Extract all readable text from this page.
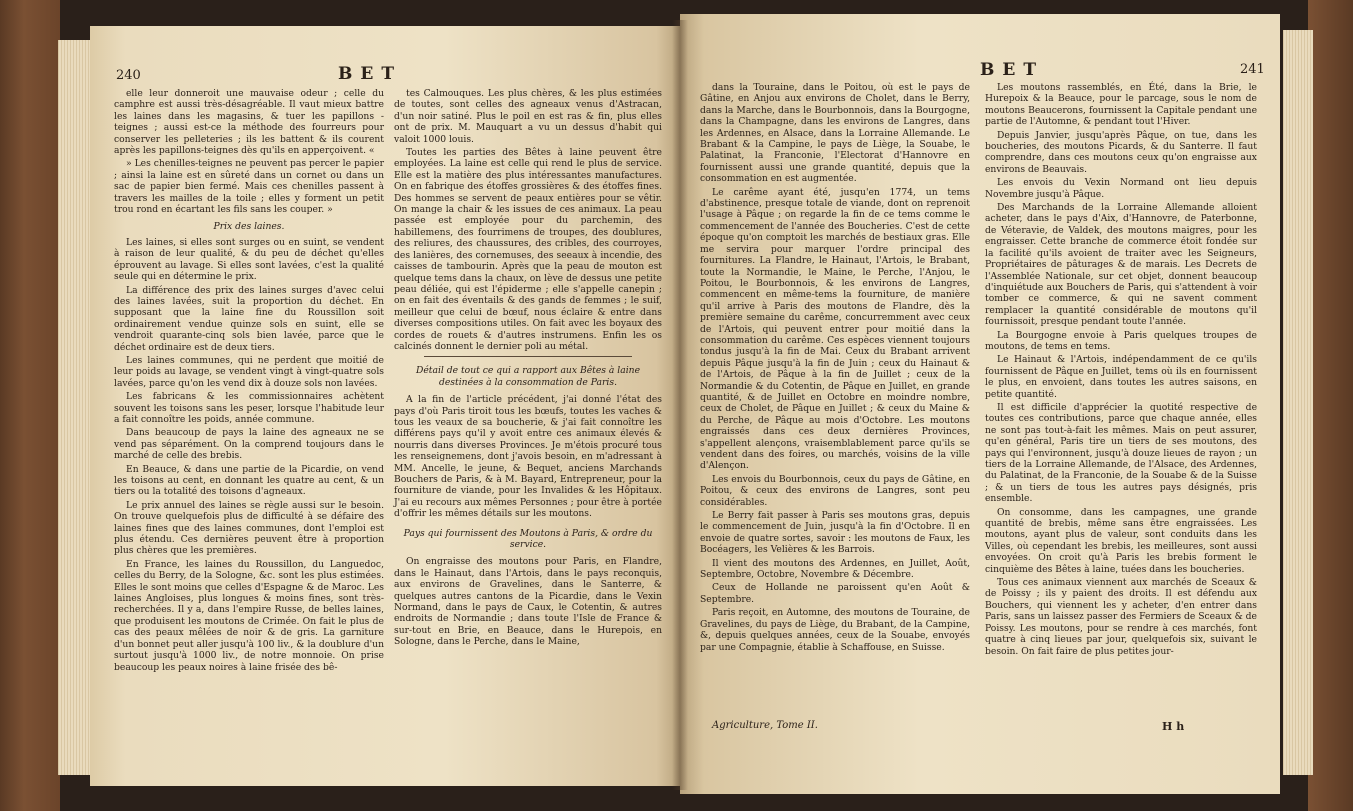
240	BET

elle leur donneroit une mauvaise odeur ; celle du camphre est aussi très-désagréable. Il vaut mieux battre les laines dans les magasins, & tuer les papillons - teignes ; aussi est-ce la méthode des fourreurs pour conserver les pelleteries ; ils les battent & ils courent après les papillons-teignes dès qu'ils en apperçoivent. «

» Les chenilles-teignes ne peuvent pas percer le papier ; ainsi la laine est en sûreté dans un cornet ou dans un sac de papier bien fermé. Mais ces chenilles passent à travers les mailles de la toile ; elles y forment un petit trou rond en écartant les fils sans les couper. »

Prix des laines.

Les laines, si elles sont surges ou en suint, se vendent à raison de leur qualité, & du peu de déchet qu'elles éprouvent au lavage. Si elles sont lavées, c'est la qualité seule qui en détermine le prix.

La différence des prix des laines surges d'avec celui des laines lavées, suit la proportion du déchet. En supposant que la laine fine du Roussillon soit ordinairement vendue quinze sols en suint, elle se vendroit quarante-cinq sols bien lavée, parce que le déchet ordinaire est de deux tiers.

Les laines communes, qui ne perdent que moitié de leur poids au lavage, se vendent vingt à vingt-quatre sols lavées, parce qu'on les vend dix à douze sols non lavées.

Les fabricans & les commissionnaires achètent souvent les toisons sans les peser, lorsque l'habitude leur a fait connoître les poids, année commune.

Dans beaucoup de pays la laine des agneaux ne se vend pas séparément. On la comprend toujours dans le marché de celle des brebis.

En Beauce, & dans une partie de la Picardie, on vend les toisons au cent, en donnant les quatre au cent, & un tiers ou la totalité des toisons d'agneaux.

Le prix annuel des laines se règle aussi sur le besoin. On trouve quelquefois plus de difficulté à se défaire des laines fines que des laines communes, dont l'emploi est plus étendu. Ces dernières peuvent être à proportion plus chères que les premières.

En France, les laines du Roussillon, du Languedoc, celles du Berry, de la Sologne, &c. sont les plus estimées. Elles le sont moins que celles d'Espagne & de Maroc. Les laines Angloises, plus longues & moins fines, sont très-recherchées. Il y a, dans l'empire Russe, de belles laines, que produisent les moutons de Crimée. On fait le plus de cas des peaux mêlées de noir & de gris. La garniture d'un bonnet peut aller jusqu'à 100 liv., & la doublure d'un surtout jusqu'à 1000 liv., de notre monnoie. On prise beaucoup les peaux noires à laine frisée des bê-

tes Calmouques. Les plus chères, & les plus estimées de toutes, sont celles des agneaux venus d'Astracan, d'un noir satiné. Plus le poil en est ras & fin, plus elles ont de prix. M. Mauquart a vu un dessus d'habit qui valoit 1000 louis.

Toutes les parties des Bêtes à laine peuvent être employées. La laine est celle qui rend le plus de service. Elle est la matière des plus intéressantes manufactures. On en fabrique des étoffes grossières & des étoffes fines. Des hommes se servent de peaux entières pour se vêtir. On mange la chair & les issues de ces animaux. La peau passée est employée pour du parchemin, des habillemens, des fourrimens de troupes, des doublures, des reliures, des chaussures, des cribles, des courroyes, des lanières, des cornemuses, des seeaux à incendie, des caisses de tambourin. Après que la peau de mouton est quelque tems dans la chaux, on lève de dessus une petite peau déliée, qui est l'épiderme ; elle s'appelle canepin ; on en fait des éventails & des gands de femmes ; le suif, meilleur que celui de bœuf, nous éclaire & entre dans diverses compositions utiles. On fait avec les boyaux des cordes de rouets & d'autres instrumens. Enfin les os calcinés donnent le dernier poli au métal.

Détail de tout ce qui a rapport aux Bêtes à laine destinées à la consommation de Paris.

A la fin de l'article précédent, j'ai donné l'état des pays d'où Paris tiroit tous les bœufs, toutes les vaches & tous les veaux de sa boucherie, & j'ai fait connoître les différens pays qu'il y avoit entre ces animaux élevés & nourris dans diverses Provinces. Je m'étois procuré tous les renseignemens, dont j'avois besoin, en m'adressant à MM. Ancelle, le jeune, & Bequet, anciens Marchands Bouchers de Paris, & à M. Bayard, Entrepreneur, pour la fourniture de viande, pour les Invalides & les Hôpitaux. J'ai eu recours aux mêmes Personnes ; pour être à portée d'offrir les mêmes détails sur les moutons.

Pays qui fournissent des Moutons à Paris, & ordre du service.

On engraisse des moutons pour Paris, en Flandre, dans le Hainaut, dans l'Artois, dans le pays reconquis, aux environs de Gravelines, dans le Santerre, & quelques autres cantons de la Picardie, dans le Vexin Normand, dans le pays de Caux, le Cotentin, & autres endroits de Normandie ; dans toute l'Isle de France & sur-tout en Brie, en Beauce, dans le Hurepois, en Sologne, dans le Perche, dans le Maine,

BET	241

dans la Touraine, dans le Poitou, où est le pays de Gâtine, en Anjou aux environs de Cholet, dans le Berry, dans la Marche, dans le Bourbonnois, dans la Bourgogne, dans la Champagne, dans les environs de Langres, dans les Ardennes, en Alsace, dans la Lorraine Allemande. Le Brabant & la Campine, le pays de Liège, la Souabe, le Palatinat, la Franconie, l'Electorat d'Hannovre en fournissent aussi une grande quantité, depuis que la consommation en est augmentée.

Le carême ayant été, jusqu'en 1774, un tems d'abstinence, presque totale de viande, dont on reprenoit l'usage à Pâque ; on regarde la fin de ce tems comme le commencement de l'année des Boucheries. C'est de cette époque qu'on comptoit les marchés de bestiaux gras. Elle me servira pour marquer l'ordre principal des fournitures. La Flandre, le Hainaut, l'Artois, le Brabant, toute la Normandie, le Maine, le Perche, l'Anjou, le Poitou, le Bourbonnois, & les environs de Langres, commencent en même-tems la fourniture, de manière qu'il arrive à Paris des moutons de Flandre, dès la première semaine du carême, concurremment avec ceux de l'Artois, qui peuvent entrer pour moitié dans la consommation du carême. Ces espèces viennent toujours tondus jusqu'à la fin de Mai. Ceux du Brabant arrivent depuis Pâque jusqu'à la fin de Juin ; ceux du Hainaut & de l'Artois, de Pâque à la fin de Juillet ; ceux de la Normandie & du Cotentin, de Pâque en Juillet, en grande quantité, & de Juillet en Octobre en moindre nombre, ceux de Cholet, de Pâque en Juillet ; & ceux du Maine & du Perche, de Pâque au mois d'Octobre. Les moutons engraissés dans ces deux dernières Provinces, s'appellent alençons, vraisemblablement parce qu'ils se vendent dans des foires, ou marchés, voisins de la ville d'Alençon.

Les envois du Bourbonnois, ceux du pays de Gâtine, en Poitou, & ceux des environs de Langres, sont peu considérables.

Le Berry fait passer à Paris ses moutons gras, depuis le commencement de Juin, jusqu'à la fin d'Octobre. Il en envoie de quatre sortes, savoir : les moutons de Faux, les Bocéagers, les Velières & les Barrois.

Il vient des moutons des Ardennes, en Juillet, Août, Septembre, Octobre, Novembre & Décembre.

Ceux de Hollande ne paroissent qu'en Août & Septembre.

Paris reçoit, en Automne, des moutons de Touraine, de Gravelines, du pays de Liège, du Brabant, de la Campine, &, depuis quelques années, ceux de la Souabe, envoyés par une Compagnie, établie à Schaffouse, en Suisse.

Les moutons rassemblés, en Été, dans la Brie, le Hurepoix & la Beauce, pour le parcage, sous le nom de moutons Beaucerons, fournissent la Capitale pendant une partie de l'Automne, & pendant tout l'Hiver.

Depuis Janvier, jusqu'après Pâque, on tue, dans les boucheries, des moutons Picards, & du Santerre. Il faut comprendre, dans ces moutons ceux qu'on engraisse aux environs de Beauvais.

Les envois du Vexin Normand ont lieu depuis Novembre jusqu'à Pâque.

Des Marchands de la Lorraine Allemande alloient acheter, dans le pays d'Aix, d'Hannovre, de Paterbonne, de Véteravie, de Valdek, des moutons maigres, pour les engraisser. Cette branche de commerce étoit fondée sur la facilité qu'ils avoient de traiter avec les Seigneurs, Propriétaires de pâturages & de marais. Les Decrets de l'Assemblée Nationale, sur cet objet, donnent beaucoup d'inquiétude aux Bouchers de Paris, qui s'attendent à voir tomber ce commerce, & qui ne savent comment remplacer la quantité considérable de moutons qu'il fournissoit, presque pendant toute l'année.

La Bourgogne envoie à Paris quelques troupes de moutons, de tems en tems.

Le Hainaut & l'Artois, indépendamment de ce qu'ils fournissent de Pâque en Juillet, tems où ils en fournissent le plus, en envoient, dans toutes les autres saisons, en petite quantité.

Il est difficile d'apprécier la quotité respective de toutes ces contributions, parce que chaque année, elles ne sont pas tout-à-fait les mêmes. Mais on peut assurer, qu'en général, Paris tire un tiers de ses moutons, des pays qui l'environnent, jusqu'à douze lieues de rayon ; un tiers de la Lorraine Allemande, de l'Alsace, des Ardennes, du Palatinat, de la Franconie, de la Souabe & de la Suisse ; & un tiers de tous les autres pays désignés, pris ensemble.

On consomme, dans les campagnes, une grande quantité de brebis, même sans être engraissées. Les moutons, ayant plus de valeur, sont conduits dans les Villes, où cependant les brebis, les meilleures, sont aussi envoyées. On croit qu'à Paris les brebis forment le cinquième des Bêtes à laine, tuées dans les boucheries.

Tous ces animaux viennent aux marchés de Sceaux & de Poissy ; ils y paient des droits. Il est défendu aux Bouchers, qui viennent les y acheter, d'en entrer dans Paris, sans un laissez passer des Fermiers de Sceaux & de Poissy. Les moutons, pour se rendre à ces marchés, font quatre à cinq lieues par jour, quelquefois six, suivant le besoin. On fait faire de plus petites jour-

Agriculture, Tome II.	H h
